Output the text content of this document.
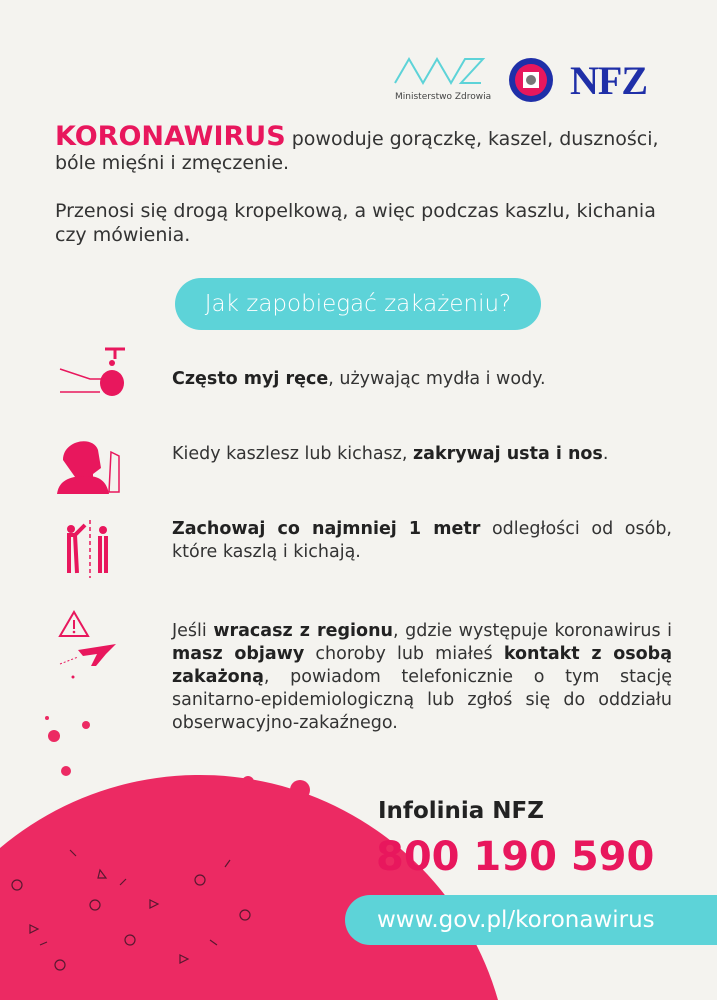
Ministerstwo Zdrowia NFZ

KORONAWIRUS powoduje gorączkę, kaszel, duszności, bóle mięśni i zmęczenie.

Przenosi się drogą kropelkową, a więc podczas kaszlu, kichania czy mówienia.

Jak zapobiegać zakażeniu?
Często myj ręce, używając mydła i wody.
Kiedy kaszlesz lub kichasz, zakrywaj usta i nos.
Zachowaj co najmniej 1 metr odległości od osób, które kaszlą i kichają.
Jeśli wracasz z regionu, gdzie występuje koronawirus i masz objawy choroby lub miałeś kontakt z osobą zakażoną, powiadom telefonicznie o tym stację sanitarno-epidemiologiczną lub zgłoś się do oddziału obserwacyjno-zakaźnego.
Infolinia NFZ
800 190 590
www.gov.pl/koronawirus
